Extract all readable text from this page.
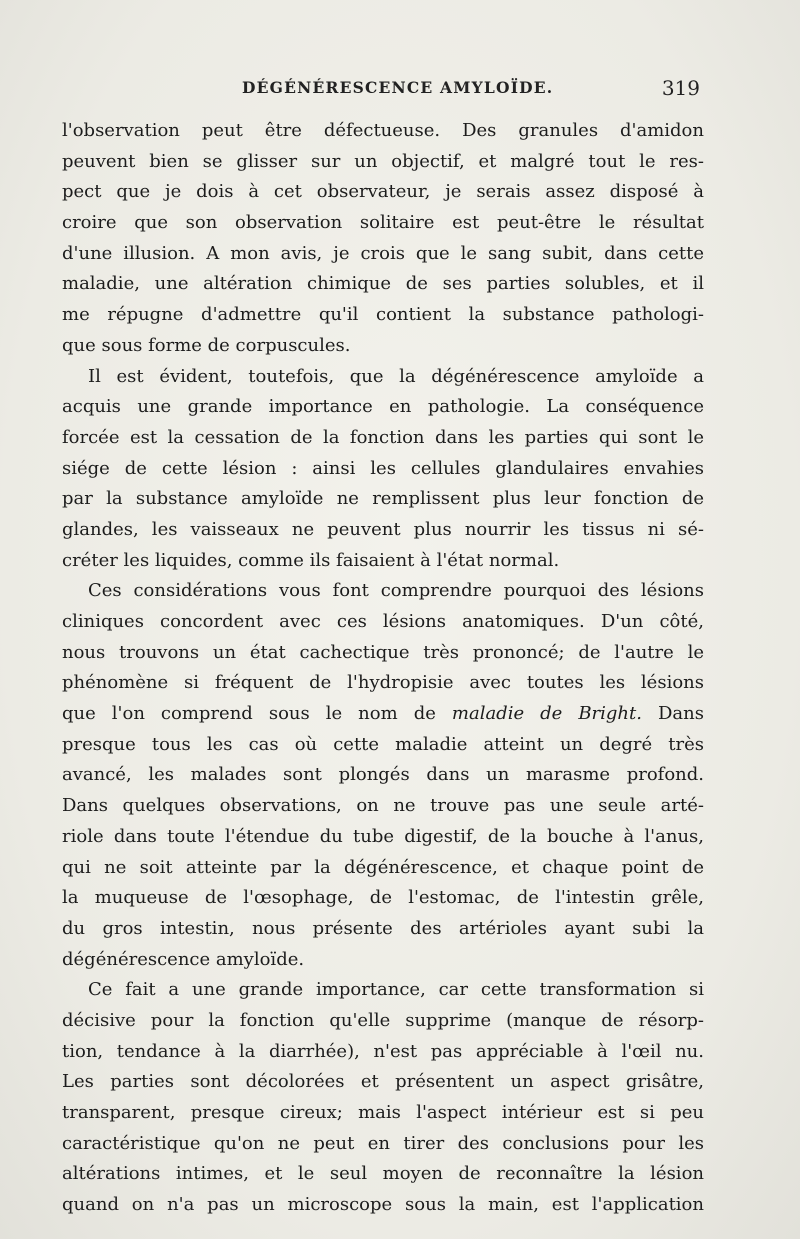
DÉGÉNÉRESCENCE AMYLOÏDE.	319
l'observation peut être défectueuse. Des granules d'amidon
peuvent bien se glisser sur un objectif, et malgré tout le res-
pect que je dois à cet observateur, je serais assez disposé à
croire que son observation solitaire est peut-être le résultat
d'une illusion. A mon avis, je crois que le sang subit, dans cette
maladie, une altération chimique de ses parties solubles, et il
me répugne d'admettre qu'il contient la substance pathologi-
que sous forme de corpuscules.
Il est évident, toutefois, que la dégénérescence amyloïde a
acquis une grande importance en pathologie. La conséquence
forcée est la cessation de la fonction dans les parties qui sont le
siége de cette lésion : ainsi les cellules glandulaires envahies
par la substance amyloïde ne remplissent plus leur fonction de
glandes, les vaisseaux ne peuvent plus nourrir les tissus ni sé-
créter les liquides, comme ils faisaient à l'état normal.
Ces considérations vous font comprendre pourquoi des lésions
cliniques concordent avec ces lésions anatomiques. D'un côté,
nous trouvons un état cachectique très prononcé; de l'autre le
phénomène si fréquent de l'hydropisie avec toutes les lésions
que l'on comprend sous le nom de maladie de Bright. Dans
presque tous les cas où cette maladie atteint un degré très
avancé, les malades sont plongés dans un marasme profond.
Dans quelques observations, on ne trouve pas une seule arté-
riole dans toute l'étendue du tube digestif, de la bouche à l'anus,
qui ne soit atteinte par la dégénérescence, et chaque point de
la muqueuse de l'œsophage, de l'estomac, de l'intestin grêle,
du gros intestin, nous présente des artérioles ayant subi la
dégénérescence amyloïde.
Ce fait a une grande importance, car cette transformation si
décisive pour la fonction qu'elle supprime (manque de résorp-
tion, tendance à la diarrhée), n'est pas appréciable à l'œil nu.
Les parties sont décolorées et présentent un aspect grisâtre,
transparent, presque cireux; mais l'aspect intérieur est si peu
caractéristique qu'on ne peut en tirer des conclusions pour les
altérations intimes, et le seul moyen de reconnaître la lésion
quand on n'a pas un microscope sous la main, est l'application
